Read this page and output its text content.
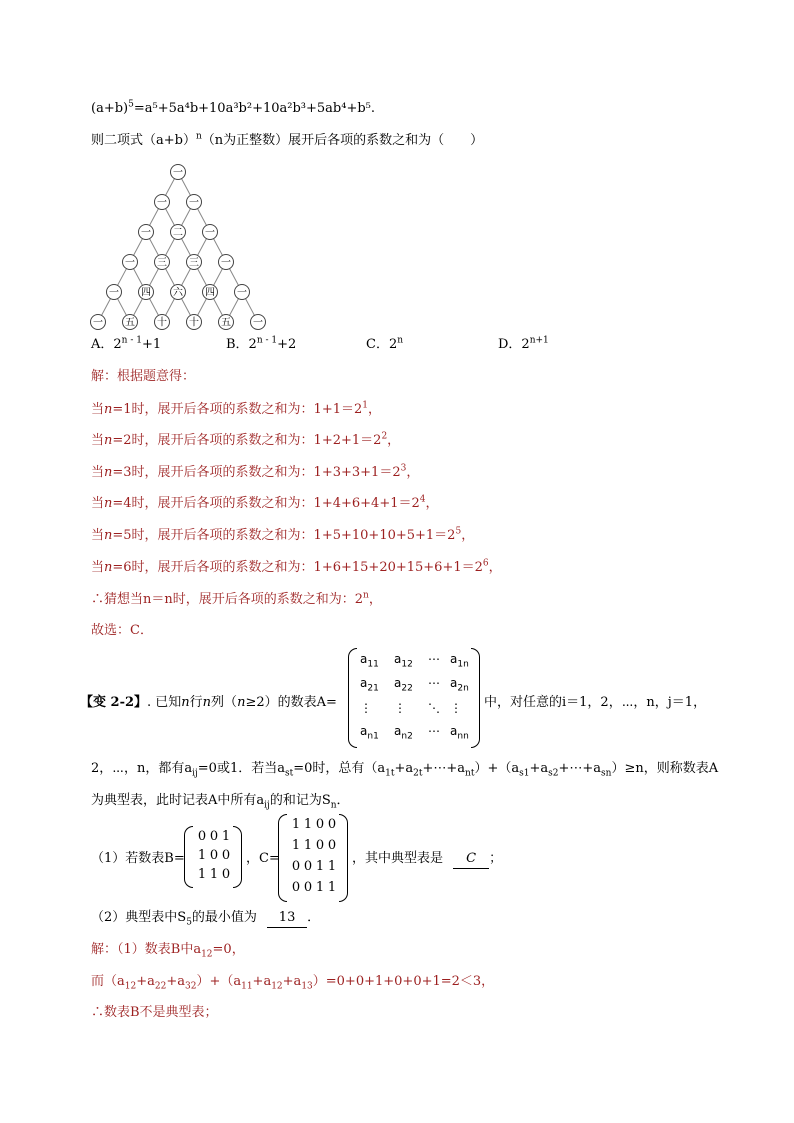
$(a+b)^5=a^5+5a^4b+10a^3b^2+10a^2b^3+5ab^4+b^5$.
则二项式$(a+b)^n(n$为正整数）展开后各项的系数之和为（　　）
一
一 一
一 二 一
一 三 三 一
一 四 六 四 一
一 五 十 十 五 一
A．$2^{n - 1}+1$	B．$2^{n - 1}+2$	C．2$^n$	D．$2^{n+1}$
解：根据题意得：
当n=1时，展开后各项的系数之和为：$1+1=2^1$，
当n=2时，展开后各项的系数之和为：$1+2+1=2^2$，
当n=3时，展开后各项的系数之和为：$1+3+3+1=2^3$，
当n=4时，展开后各项的系数之和为：$1+4+6+4+1=2^4$，
当n=5时，展开后各项的系数之和为：$1+5+10+10+5+1=2^5$，
当n=6时，展开后各项的系数之和为：$1+6+15+20+15+6+1=2^6$，
∴猜想当n＝n时，展开后各项的系数之和为：2$^n$，
故选：C．
【变 2-2】. 已知n行n列（n≥2）的数表A=
$a_{11}$ $a_{12}$ ⋯ $a_{1n}$
$a_{21}$ $a_{22}$ ⋯ $a_{2n}$
⋮ ⋮ ⋱ ⋮
$a_{n1}$ $a_{n2}$ ⋯ $a_{nn}$
中，对任意的i＝1，2，⋯，n，j＝1，
2，⋯，n，都有$a_{ij}=0$或1．若当$a_{st}=0$时，总有$(a_{1t}+a_{2t}+\cdots+a_{nt})+(a_{s1}+a_{s2}+\cdots+a_{sn})\ge n$，则称数表A
为典型表，此时记表A中所有$a_{ij}$的和记为$S_n$．
（1）若数表B=
0 0 1
1 0 0
1 1 0
，C=
1 1 0 0
1 1 0 0
0 0 1 1
0 0 1 1
，其中典型表是 C ；
（2）典型表中$S_5$的最小值为 13 ．
解：（1）数表B中$a_{12}=0$，
而$(a_{12}+a_{22}+a_{32})+(a_{11}+a_{12}+a_{13})=0+0+1+0+0+1=2<3$，
∴数表B不是典型表；
